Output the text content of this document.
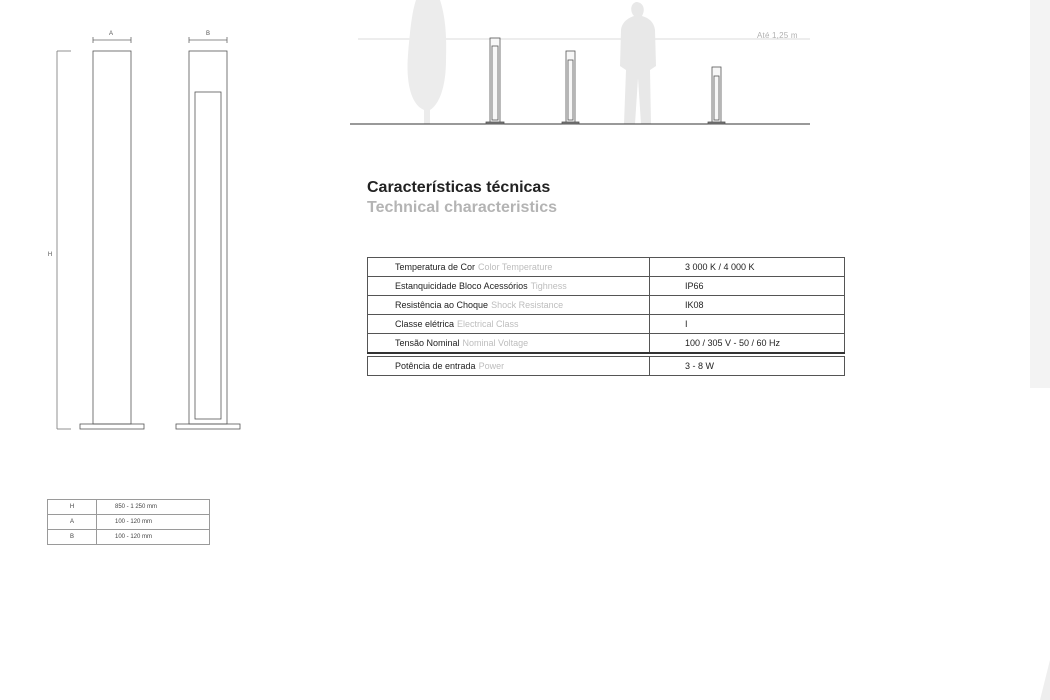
A	B
H
Até 1,25 m
Características técnicas
Technical characteristics
Temperatura de Cor Color Temperature	3 000 K / 4 000 K
Estanquicidade Bloco Acessórios Tighness	IP66
Resistência ao Choque Shock Resistance	IK08
Classe elétrica Electrical Class	I
Tensão Nominal Nominal Voltage	100 / 305 V - 50 / 60 Hz

Potência de entrada Power	3 - 8 W
H	850 - 1 250 mm
A	100 - 120 mm
B	100 - 120 mm
